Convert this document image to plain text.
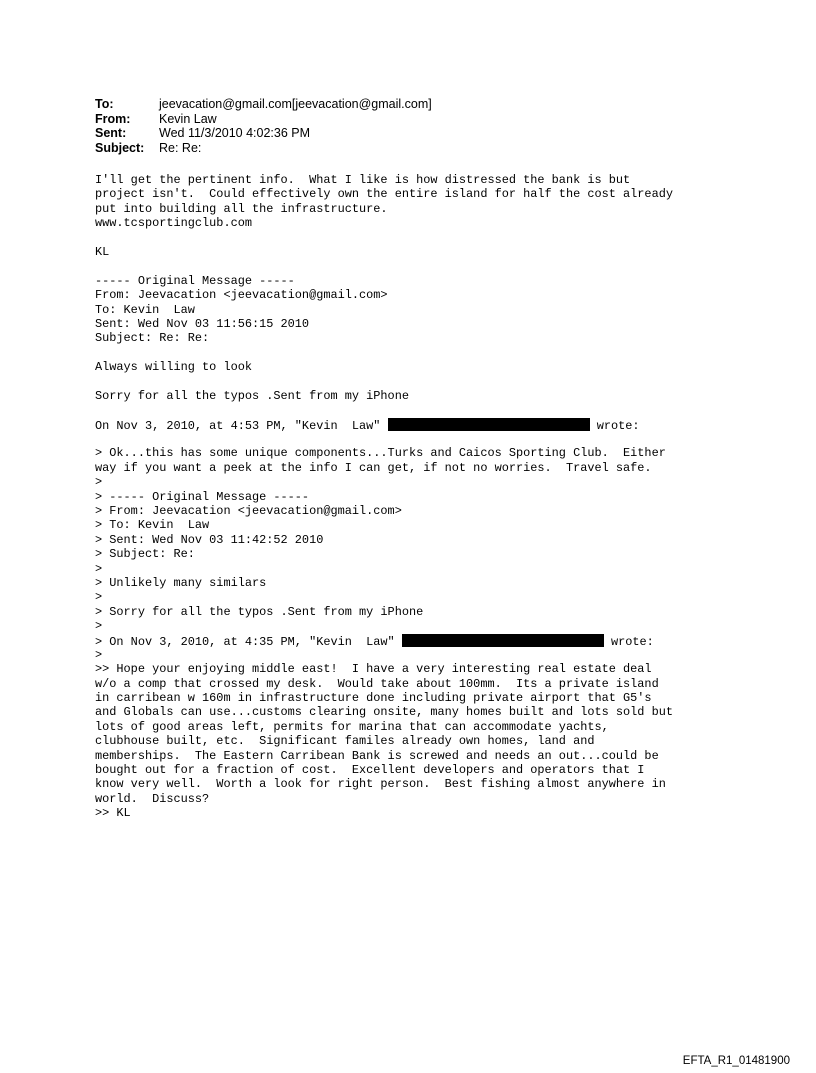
To:	jeevacation@gmail.com[jeevacation@gmail.com]
From:	Kevin Law
Sent:	Wed 11/3/2010 4:02:36 PM
Subject:	Re: Re:
I'll get the pertinent info.  What I like is how distressed the bank is but
project isn't.  Could effectively own the entire island for half the cost already
put into building all the infrastructure.
www.tcsportingclub.com
KL
----- Original Message -----
From: Jeevacation <jeevacation@gmail.com>
To: Kevin  Law
Sent: Wed Nov 03 11:56:15 2010
Subject: Re: Re:
Always willing to look
Sorry for all the typos .Sent from my iPhone
On Nov 3, 2010, at 4:53 PM, "Kevin  Law"	wrote:
> Ok...this has some unique components...Turks and Caicos Sporting Club.  Either
way if you want a peek at the info I can get, if not no worries.  Travel safe.
>
> ----- Original Message -----
> From: Jeevacation <jeevacation@gmail.com>
> To: Kevin  Law
> Sent: Wed Nov 03 11:42:52 2010
> Subject: Re:
>
> Unlikely many similars
>
> Sorry for all the typos .Sent from my iPhone
>
> On Nov 3, 2010, at 4:35 PM, "Kevin  Law"	wrote:
>
>> Hope your enjoying middle east!  I have a very interesting real estate deal
w/o a comp that crossed my desk.  Would take about 100mm.  Its a private island
in carribean w 160m in infrastructure done including private airport that G5's
and Globals can use...customs clearing onsite, many homes built and lots sold but
lots of good areas left, permits for marina that can accommodate yachts,
clubhouse built, etc.  Significant familes already own homes, land and
memberships.  The Eastern Carribean Bank is screwed and needs an out...could be
bought out for a fraction of cost.  Excellent developers and operators that I
know very well.  Worth a look for right person.  Best fishing almost anywhere in
world.  Discuss?
>> KL
EFTA_R1_01481900
